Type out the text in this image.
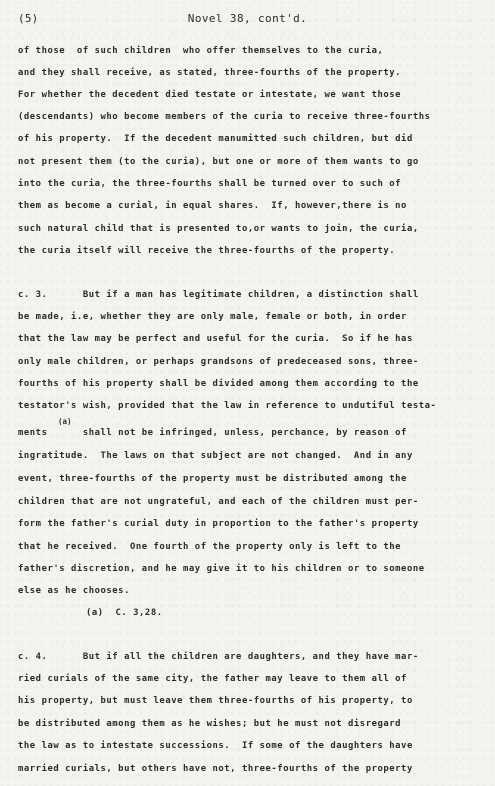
(5)	Novel 38, cont'd.
of those  of such children  who offer themselves to the curia,
and they shall receive, as stated, three-fourths of the property.
For whether the decedent died testate or intestate, we want those
(descendants) who become members of the curia to receive three-fourths
of his property.  If the decedent manumitted such children, but did
not present them (to the curia), but one or more of them wants to go
into the curia, the three-fourths shall be turned over to such of
them as become a curial, in equal shares.  If, however,there is no
such natural child that is presented to,or wants to join, the curia,
the curia itself will receive the three-fourths of the property.
c. 3.      But if a man has legitimate children, a distinction shall
be made, i.e, whether they are only male, female or both, in order
that the law may be perfect and useful for the curia.  So if he has
only male children, or perhaps grandsons of predeceased sons, three-
fourths of his property shall be divided among them according to the
testator's wish, provided that the law in reference to undutiful testa-
(a)
ments      shall not be infringed, unless, perchance, by reason of
ingratitude.  The laws on that subject are not changed.  And in any
event, three-fourths of the property must be distributed among the
children that are not ungrateful, and each of the children must per-
form the father's curial duty in proportion to the father's property
that he received.  One fourth of the property only is left to the
father's discretion, and he may give it to his children or to someone
else as he chooses.
(a)  C. 3,28.
c. 4.      But if all the children are daughters, and they have mar-
ried curials of the same city, the father may leave to them all of
his property, but must leave them three-fourths of his property, to
be distributed among them as he wishes; but he must not disregard
the law as to intestate successions.  If some of the daughters have
married curials, but others have not, three-fourths of the property
